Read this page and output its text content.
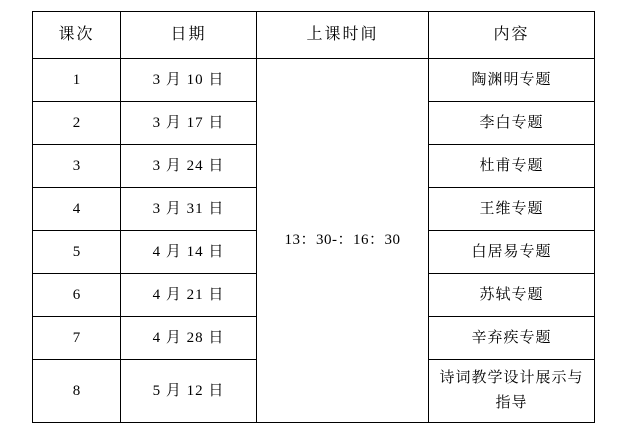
课次	日期	上课时间	内容
1	3 月 10 日	13：30-：16：30	陶渊明专题
2	3 月 17 日		李白专题
3	3 月 24 日		杜甫专题
4	3 月 31 日		王维专题
5	4 月 14 日		白居易专题
6	4 月 21 日		苏轼专题
7	4 月 28 日		辛弃疾专题
8	5 月 12 日		诗词教学设计展示与
指导
